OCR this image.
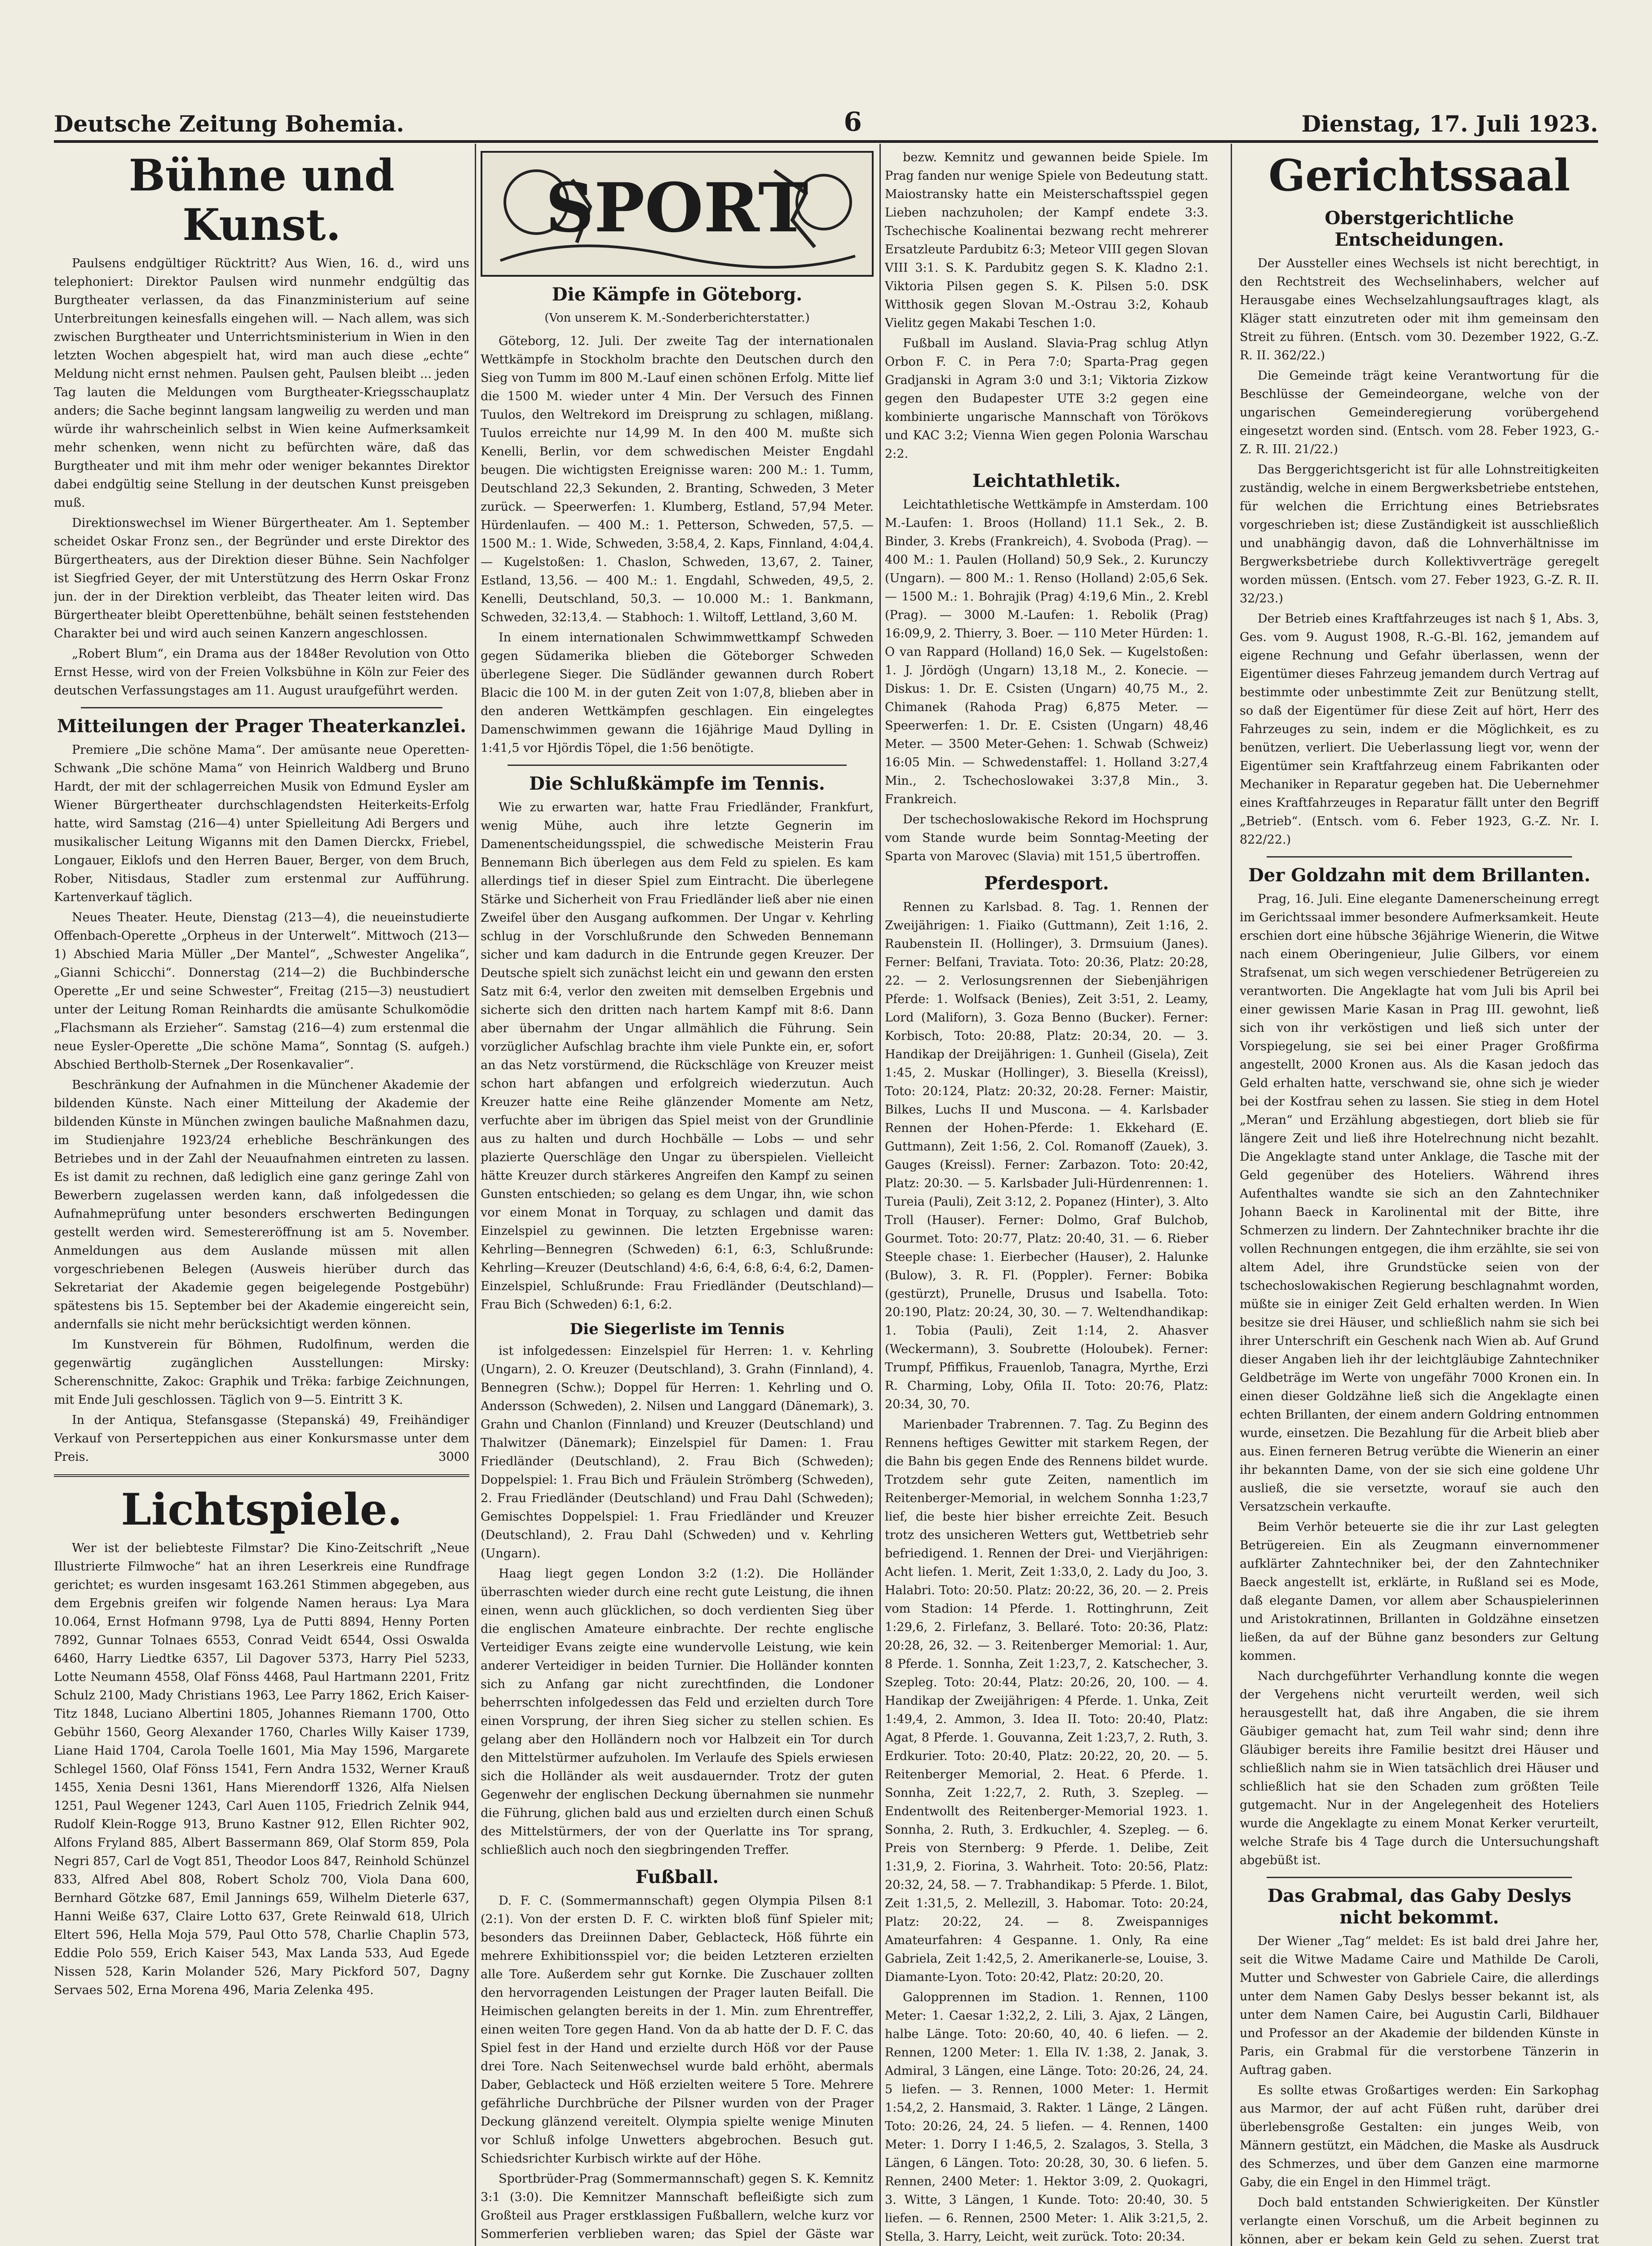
Deutsche Zeitung Bohemia.	6	Dienstag, 17. Juli 1923.
Bühne und Kunst.

Paulsens endgültiger Rücktritt? Aus Wien, 16. d., wird uns telephoniert: Direktor Paulsen wird nunmehr endgültig das Burgtheater verlassen, da das Finanzministerium auf seine Unterbreitungen keinesfalls eingehen will. — Nach allem, was sich zwischen Burgtheater und Unterrichtsministerium in Wien in den letzten Wochen abgespielt hat, wird man auch diese „echte“ Meldung nicht ernst nehmen. Paulsen geht, Paulsen bleibt ... jeden Tag lauten die Meldungen vom Burgtheater-Kriegsschauplatz anders; die Sache beginnt langsam langweilig zu werden und man würde ihr wahrscheinlich selbst in Wien keine Aufmerksamkeit mehr schenken, wenn nicht zu befürchten wäre, daß das Burgtheater und mit ihm mehr oder weniger bekanntes Direktor dabei endgültig seine Stellung in der deutschen Kunst preisgeben muß.

Direktionswechsel im Wiener Bürgertheater. Am 1. September scheidet Oskar Fronz sen., der Begründer und erste Direktor des Bürgertheaters, aus der Direktion dieser Bühne. Sein Nachfolger ist Siegfried Geyer, der mit Unterstützung des Herrn Oskar Fronz jun. der in der Direktion verbleibt, das Theater leiten wird. Das Bürgertheater bleibt Operettenbühne, behält seinen feststehenden Charakter bei und wird auch seinen Kanzern angeschlossen.

„Robert Blum“, ein Drama aus der 1848er Revolution von Otto Ernst Hesse, wird von der Freien Volksbühne in Köln zur Feier des deutschen Verfassungstages am 11. August uraufgeführt werden.

Mitteilungen der Prager Theaterkanzlei.

Premiere „Die schöne Mama“. Der amüsante neue Operetten-Schwank „Die schöne Mama“ von Heinrich Waldberg und Bruno Hardt, der mit der schlagerreichen Musik von Edmund Eysler am Wiener Bürgertheater durchschlagendsten Heiterkeits-Erfolg hatte, wird Samstag (216—4) unter Spielleitung Adi Bergers und musikalischer Leitung Wiganns mit den Damen Dierckx, Friebel, Longauer, Eiklofs und den Herren Bauer, Berger, von dem Bruch, Rober, Nitisdaus, Stadler zum erstenmal zur Aufführung. Kartenverkauf täglich.

Neues Theater. Heute, Dienstag (213—4), die neueinstudierte Offenbach-Operette „Orpheus in der Unterwelt“. Mittwoch (213—1) Abschied Maria Müller „Der Mantel“, „Schwester Angelika“, „Gianni Schicchi“. Donnerstag (214—2) die Buchbindersche Operette „Er und seine Schwester“, Freitag (215—3) neustudiert unter der Leitung Roman Reinhardts die amüsante Schulkomödie „Flachsmann als Erzieher“. Samstag (216—4) zum erstenmal die neue Eysler-Operette „Die schöne Mama“, Sonntag (S. aufgeh.) Abschied Bertholb-Sternek „Der Rosenkavalier“.

Beschränkung der Aufnahmen in die Münchener Akademie der bildenden Künste. Nach einer Mitteilung der Akademie der bildenden Künste in München zwingen bauliche Maßnahmen dazu, im Studienjahre 1923/24 erhebliche Beschränkungen des Betriebes und in der Zahl der Neuaufnahmen eintreten zu lassen. Es ist damit zu rechnen, daß lediglich eine ganz geringe Zahl von Bewerbern zugelassen werden kann, daß infolgedessen die Aufnahmeprüfung unter besonders erschwerten Bedingungen gestellt werden wird. Semestereröffnung ist am 5. November. Anmeldungen aus dem Auslande müssen mit allen vorgeschriebenen Belegen (Ausweis hierüber durch das Sekretariat der Akademie gegen beigelegende Postgebühr) spätestens bis 15. September bei der Akademie eingereicht sein, andernfalls sie nicht mehr berücksichtigt werden können.

Im Kunstverein für Böhmen, Rudolfinum, werden die gegenwärtig zugänglichen Ausstellungen: Mirsky: Scherenschnitte, Zakoc: Graphik und Trëka: farbige Zeichnungen, mit Ende Juli geschlossen. Täglich von 9—5. Eintritt 3 K.

In der Antiqua, Stefansgasse (Stepanská) 49, Freihändiger Verkauf von Perserteppichen aus einer Konkursmasse unter dem Preis.	3000

Lichtspiele.

Wer ist der beliebteste Filmstar? Die Kino-Zeitschrift „Neue Illustrierte Filmwoche“ hat an ihren Leserkreis eine Rundfrage gerichtet; es wurden insgesamt 163.261 Stimmen abgegeben, aus dem Ergebnis greifen wir folgende Namen heraus: Lya Mara 10.064, Ernst Hofmann 9798, Lya de Putti 8894, Henny Porten 7892, Gunnar Tolnaes 6553, Conrad Veidt 6544, Ossi Oswalda 6460, Harry Liedtke 6357, Lil Dagover 5373, Harry Piel 5233, Lotte Neumann 4558, Olaf Fönss 4468, Paul Hartmann 2201, Fritz Schulz 2100, Mady Christians 1963, Lee Parry 1862, Erich Kaiser-Titz 1848, Luciano Albertini 1805, Johannes Riemann 1700, Otto Gebühr 1560, Georg Alexander 1760, Charles Willy Kaiser 1739, Liane Haid 1704, Carola Toelle 1601, Mia May 1596, Margarete Schlegel 1560, Olaf Fönss 1541, Fern Andra 1532, Werner Krauß 1455, Xenia Desni 1361, Hans Mierendorff 1326, Alfa Nielsen 1251, Paul Wegener 1243, Carl Auen 1105, Friedrich Zelnik 944, Rudolf Klein-Rogge 913, Bruno Kastner 912, Ellen Richter 902, Alfons Fryland 885, Albert Bassermann 869, Olaf Storm 859, Pola Negri 857, Carl de Vogt 851, Theodor Loos 847, Reinhold Schünzel 833, Alfred Abel 808, Robert Scholz 700, Viola Dana 600, Bernhard Götzke 687, Emil Jannings 659, Wilhelm Dieterle 637, Hanni Weiße 637, Claire Lotto 637, Grete Reinwald 618, Ulrich Eltert 596, Hella Moja 579, Paul Otto 578, Charlie Chaplin 573, Eddie Polo 559, Erich Kaiser 543, Max Landa 533, Aud Egede Nissen 528, Karin Molander 526, Mary Pickford 507, Dagny Servaes 502, Erna Morena 496, Maria Zelenka 495.

SPORT
Die Kämpfe in Göteborg.
(Von unserem K. M.-Sonderberichterstatter.)

Göteborg, 12. Juli. Der zweite Tag der internationalen Wettkämpfe in Stockholm brachte den Deutschen durch den Sieg von Tumm im 800 M.-Lauf einen schönen Erfolg. Mitte lief die 1500 M. wieder unter 4 Min. Der Versuch des Finnen Tuulos, den Weltrekord im Dreisprung zu schlagen, mißlang. Tuulos erreichte nur 14,99 M. In den 400 M. mußte sich Kenelli, Berlin, vor dem schwedischen Meister Engdahl beugen. Die wichtigsten Ereignisse waren: 200 M.: 1. Tumm, Deutschland 22,3 Sekunden, 2. Branting, Schweden, 3 Meter zurück. — Speerwerfen: 1. Klumberg, Estland, 57,94 Meter. Hürdenlaufen. — 400 M.: 1. Petterson, Schweden, 57,5. — 1500 M.: 1. Wide, Schweden, 3:58,4, 2. Kaps, Finnland, 4:04,4. — Kugelstoßen: 1. Chaslon, Schweden, 13,67, 2. Tainer, Estland, 13,56. — 400 M.: 1. Engdahl, Schweden, 49,5, 2. Kenelli, Deutschland, 50,3. — 10.000 M.: 1. Bankmann, Schweden, 32:13,4. — Stabhoch: 1. Wiltoff, Lettland, 3,60 M.

In einem internationalen Schwimmwettkampf Schweden gegen Südamerika blieben die Göteborger Schweden überlegene Sieger. Die Südländer gewannen durch Robert Blacic die 100 M. in der guten Zeit von 1:07,8, blieben aber in den anderen Wettkämpfen geschlagen. Ein eingelegtes Damenschwimmen gewann die 16jährige Maud Dylling in 1:41,5 vor Hjördis Töpel, die 1:56 benötigte.

Die Schlußkämpfe im Tennis.

Wie zu erwarten war, hatte Frau Friedländer, Frankfurt, wenig Mühe, auch ihre letzte Gegnerin im Damenentscheidungsspiel, die schwedische Meisterin Frau Bennemann Bich überlegen aus dem Feld zu spielen. Es kam allerdings tief in dieser Spiel zum Eintracht. Die überlegene Stärke und Sicherheit von Frau Friedländer ließ aber nie einen Zweifel über den Ausgang aufkommen. Der Ungar v. Kehrling schlug in der Vorschlußrunde den Schweden Bennemann sicher und kam dadurch in die Entrunde gegen Kreuzer. Der Deutsche spielt sich zunächst leicht ein und gewann den ersten Satz mit 6:4, verlor den zweiten mit demselben Ergebnis und sicherte sich den dritten nach hartem Kampf mit 8:6. Dann aber übernahm der Ungar allmählich die Führung. Sein vorzüglicher Aufschlag brachte ihm viele Punkte ein, er, sofort an das Netz vorstürmend, die Rückschläge von Kreuzer meist schon hart abfangen und erfolgreich wiederzutun. Auch Kreuzer hatte eine Reihe glänzender Momente am Netz, verfuchte aber im übrigen das Spiel meist von der Grundlinie aus zu halten und durch Hochbälle — Lobs — und sehr plazierte Querschläge den Ungar zu überspielen. Vielleicht hätte Kreuzer durch stärkeres Angreifen den Kampf zu seinen Gunsten entschieden; so gelang es dem Ungar, ihn, wie schon vor einem Monat in Torquay, zu schlagen und damit das Einzelspiel zu gewinnen. Die letzten Ergebnisse waren: Kehrling—Bennegren (Schweden) 6:1, 6:3, Schlußrunde: Kehrling—Kreuzer (Deutschland) 4:6, 6:4, 6:8, 6:4, 6:2, Damen-Einzelspiel, Schlußrunde: Frau Friedländer (Deutschland)—Frau Bich (Schweden) 6:1, 6:2.

Die Siegerliste im Tennis

ist infolgedessen: Einzelspiel für Herren: 1. v. Kehrling (Ungarn), 2. O. Kreuzer (Deutschland), 3. Grahn (Finnland), 4. Bennegren (Schw.); Doppel für Herren: 1. Kehrling und O. Andersson (Schweden), 2. Nilsen und Langgard (Dänemark), 3. Grahn und Chanlon (Finnland) und Kreuzer (Deutschland) und Thalwitzer (Dänemark); Einzelspiel für Damen: 1. Frau Friedländer (Deutschland), 2. Frau Bich (Schweden); Doppelspiel: 1. Frau Bich und Fräulein Strömberg (Schweden), 2. Frau Friedländer (Deutschland) und Frau Dahl (Schweden); Gemischtes Doppelspiel: 1. Frau Friedländer und Kreuzer (Deutschland), 2. Frau Dahl (Schweden) und v. Kehrling (Ungarn).

Haag liegt gegen London 3:2 (1:2). Die Holländer überraschten wieder durch eine recht gute Leistung, die ihnen einen, wenn auch glücklichen, so doch verdienten Sieg über die englischen Amateure einbrachte. Der rechte englische Verteidiger Evans zeigte eine wundervolle Leistung, wie kein anderer Verteidiger in beiden Turnier. Die Holländer konnten sich zu Anfang gar nicht zurechtfinden, die Londoner beherrschten infolgedessen das Feld und erzielten durch Tore einen Vorsprung, der ihren Sieg sicher zu stellen schien. Es gelang aber den Holländern noch vor Halbzeit ein Tor durch den Mittelstürmer aufzuholen. Im Verlaufe des Spiels erwiesen sich die Holländer als weit ausdauernder. Trotz der guten Gegenwehr der englischen Deckung übernahmen sie nunmehr die Führung, glichen bald aus und erzielten durch einen Schuß des Mittelstürmers, der von der Querlatte ins Tor sprang, schließlich auch noch den siegbringenden Treffer.

Fußball.

D. F. C. (Sommermannschaft) gegen Olympia Pilsen 8:1 (2:1). Von der ersten D. F. C. wirkten bloß fünf Spieler mit; besonders das Dreiinnen Daber, Geblacteck, Höß führte ein mehrere Exhibitionsspiel vor; die beiden Letzteren erzielten alle Tore. Außerdem sehr gut Kornke. Die Zuschauer zollten den hervorragenden Leistungen der Prager lauten Beifall. Die Heimischen gelangten bereits in der 1. Min. zum Ehrentreffer, einen weiten Tore gegen Hand. Von da ab hatte der D. F. C. das Spiel fest in der Hand und erzielte durch Höß vor der Pause drei Tore. Nach Seitenwechsel wurde bald erhöht, abermals Daber, Geblacteck und Höß erzielten weitere 5 Tore. Mehrere gefährliche Durchbrüche der Pilsner wurden von der Prager Deckung glänzend vereitelt. Olympia spielte wenige Minuten vor Schluß infolge Unwetters abgebrochen. Besuch gut. Schiedsrichter Kurbisch wirkte auf der Höhe.

Sportbrüder-Prag (Sommermannschaft) gegen S. K. Kemnitz 3:1 (3:0). Die Kemnitzer Mannschaft befleißigte sich zum Großteil aus Prager erstklassigen Fußballern, welche kurz vor Sommerferien verblieben waren; das Spiel der Gäste war

bezw. Kemnitz und gewannen beide Spiele. Im Prag fanden nur wenige Spiele von Bedeutung statt. Maiostransky hatte ein Meisterschaftsspiel gegen Lieben nachzuholen; der Kampf endete 3:3. Tschechische Koalinentai bezwang recht mehrerer Ersatzleute Pardubitz 6:3; Meteor VIII gegen Slovan VIII 3:1. S. K. Pardubitz gegen S. K. Kladno 2:1. Viktoria Pilsen gegen S. K. Pilsen 5:0. DSK Witthosik gegen Slovan M.-Ostrau 3:2, Kohaub Vielitz gegen Makabi Teschen 1:0.

Fußball im Ausland. Slavia-Prag schlug Atlyn Orbon F. C. in Pera 7:0; Sparta-Prag gegen Gradjanski in Agram 3:0 und 3:1; Viktoria Zizkow gegen den Budapester UTE 3:2 gegen eine kombinierte ungarische Mannschaft von Törökovs und KAC 3:2; Vienna Wien gegen Polonia Warschau 2:2.

Leichtathletik.

Leichtathletische Wettkämpfe in Amsterdam. 100 M.-Laufen: 1. Broos (Holland) 11.1 Sek., 2. B. Binder, 3. Krebs (Frankreich), 4. Svoboda (Prag). — 400 M.: 1. Paulen (Holland) 50,9 Sek., 2. Kurunczy (Ungarn). — 800 M.: 1. Renso (Holland) 2:05,6 Sek. — 1500 M.: 1. Bohrajik (Prag) 4:19,6 Min., 2. Krebl (Prag). — 3000 M.-Laufen: 1. Rebolik (Prag) 16:09,9, 2. Thierry, 3. Boer. — 110 Meter Hürden: 1. O van Rappard (Holland) 16,0 Sek. — Kugelstoßen: 1. J. Jördögh (Ungarn) 13,18 M., 2. Konecie. — Diskus: 1. Dr. E. Csisten (Ungarn) 40,75 M., 2. Chimanek (Rahoda Prag) 6,875 Meter. — Speerwerfen: 1. Dr. E. Csisten (Ungarn) 48,46 Meter. — 3500 Meter-Gehen: 1. Schwab (Schweiz) 16:05 Min. — Schwedenstaffel: 1. Holland 3:27,4 Min., 2. Tschechoslowakei 3:37,8 Min., 3. Frankreich.

Der tschechoslowakische Rekord im Hochsprung vom Stande wurde beim Sonntag-Meeting der Sparta von Marovec (Slavia) mit 151,5 übertroffen.

Pferdesport.

Rennen zu Karlsbad. 8. Tag. 1. Rennen der Zweijährigen: 1. Fiaiko (Guttmann), Zeit 1:16, 2. Raubenstein II. (Hollinger), 3. Drmsuium (Janes). Ferner: Belfani, Traviata. Toto: 20:36, Platz: 20:28, 22. — 2. Verlosungsrennen der Siebenjährigen Pferde: 1. Wolfsack (Benies), Zeit 3:51, 2. Leamy, Lord (Maliforn), 3. Goza Benno (Bucker). Ferner: Korbisch, Toto: 20:88, Platz: 20:34, 20. — 3. Handikap der Dreijährigen: 1. Gunheil (Gisela), Zeit 1:45, 2. Muskar (Hollinger), 3. Biesella (Kreissl), Toto: 20:124, Platz: 20:32, 20:28. Ferner: Maistir, Bilkes, Luchs II und Muscona. — 4. Karlsbader Rennen der Hohen-Pferde: 1. Ekkehard (E. Guttmann), Zeit 1:56, 2. Col. Romanoff (Zauek), 3. Gauges (Kreissl). Ferner: Zarbazon. Toto: 20:42, Platz: 20:30. — 5. Karlsbader Juli-Hürdenrennen: 1. Tureia (Pauli), Zeit 3:12, 2. Popanez (Hinter), 3. Alto Troll (Hauser). Ferner: Dolmo, Graf Bulchob, Gourmet. Toto: 20:77, Platz: 20:40, 31. — 6. Rieber Steeple chase: 1. Eierbecher (Hauser), 2. Halunke (Bulow), 3. R. Fl. (Poppler). Ferner: Bobika (gestürzt), Prunelle, Drusus und Isabella. Toto: 20:190, Platz: 20:24, 30, 30. — 7. Weltendhandikap: 1. Tobia (Pauli), Zeit 1:14, 2. Ahasver (Weckermann), 3. Soubrette (Holoubek). Ferner: Trumpf, Pfiffikus, Frauenlob, Tanagra, Myrthe, Erzi R. Charming, Loby, Ofila II. Toto: 20:76, Platz: 20:34, 30, 70.

Marienbader Trabrennen. 7. Tag. Zu Beginn des Rennens heftiges Gewitter mit starkem Regen, der die Bahn bis gegen Ende des Rennens bildet wurde. Trotzdem sehr gute Zeiten, namentlich im Reitenberger-Memorial, in welchem Sonnha 1:23,7 lief, die beste hier bisher erreichte Zeit. Besuch trotz des unsicheren Wetters gut, Wettbetrieb sehr befriedigend. 1. Rennen der Drei- und Vierjährigen: Acht liefen. 1. Merit, Zeit 1:33,0, 2. Lady du Joo, 3. Halabri. Toto: 20:50. Platz: 20:22, 36, 20. — 2. Preis vom Stadion: 14 Pferde. 1. Rottinghrunn, Zeit 1:29,6, 2. Firlefanz, 3. Bellaré. Toto: 20:36, Platz: 20:28, 26, 32. — 3. Reitenberger Memorial: 1. Aur, 8 Pferde. 1. Sonnha, Zeit 1:23,7, 2. Katschecher, 3. Szepleg. Toto: 20:44, Platz: 20:26, 20, 100. — 4. Handikap der Zweijährigen: 4 Pferde. 1. Unka, Zeit 1:49,4, 2. Ammon, 3. Idea II. Toto: 20:40, Platz: Agat, 8 Pferde. 1. Gouvanna, Zeit 1:23,7, 2. Ruth, 3. Erdkurier. Toto: 20:40, Platz: 20:22, 20, 20. — 5. Reitenberger Memorial, 2. Heat. 6 Pferde. 1. Sonnha, Zeit 1:22,7, 2. Ruth, 3. Szepleg. — Endentwollt des Reitenberger-Memorial 1923. 1. Sonnha, 2. Ruth, 3. Erdkuchler, 4. Szepleg. — 6. Preis von Sternberg: 9 Pferde. 1. Delibe, Zeit 1:31,9, 2. Fiorina, 3. Wahrheit. Toto: 20:56, Platz: 20:32, 24, 58. — 7. Trabhandikap: 5 Pferde. 1. Bilot, Zeit 1:31,5, 2. Mellezill, 3. Habomar. Toto: 20:24, Platz: 20:22, 24. — 8. Zweispanniges Amateurfahren: 4 Gespanne. 1. Only, Ra eine Gabriela, Zeit 1:42,5, 2. Amerikanerle-se, Louise, 3. Diamante-Lyon. Toto: 20:42, Platz: 20:20, 20.

Galopprennen im Stadion. 1. Rennen, 1100 Meter: 1. Caesar 1:32,2, 2. Lili, 3. Ajax, 2 Längen, halbe Länge. Toto: 20:60, 40, 40. 6 liefen. — 2. Rennen, 1200 Meter: 1. Ella IV. 1:38, 2. Janak, 3. Admiral, 3 Längen, eine Länge. Toto: 20:26, 24, 24. 5 liefen. — 3. Rennen, 1000 Meter: 1. Hermit 1:54,2, 2. Hansmaid, 3. Rakter. 1 Länge, 2 Längen. Toto: 20:26, 24, 24. 5 liefen. — 4. Rennen, 1400 Meter: 1. Dorry I 1:46,5, 2. Szalagos, 3. Stella, 3 Längen, 6 Längen. Toto: 20:28, 30, 30. 6 liefen. 5. Rennen, 2400 Meter: 1. Hektor 3:09, 2. Quokagri, 3. Witte, 3 Längen, 1 Kunde. Toto: 20:40, 30. 5 liefen. — 6. Rennen, 2500 Meter: 1. Alik 3:21,5, 2. Stella, 3. Harry, Leicht, weit zurück. Toto: 20:34.

Gerichtssaal
Oberstgerichtliche Entscheidungen.

Der Aussteller eines Wechsels ist nicht berechtigt, in den Rechtstreit des Wechselinhabers, welcher auf Herausgabe eines Wechselzahlungsauftrages klagt, als Kläger statt einzutreten oder mit ihm gemeinsam den Streit zu führen. (Entsch. vom 30. Dezember 1922, G.-Z. R. II. 362/22.)

Die Gemeinde trägt keine Verantwortung für die Beschlüsse der Gemeindeorgane, welche von der ungarischen Gemeinderegierung vorübergehend eingesetzt worden sind. (Entsch. vom 28. Feber 1923, G.-Z. R. III. 21/22.)

Das Berggerichtsgericht ist für alle Lohnstreitigkeiten zuständig, welche in einem Bergwerksbetriebe entstehen, für welchen die Errichtung eines Betriebsrates vorgeschrieben ist; diese Zuständigkeit ist ausschließlich und unabhängig davon, daß die Lohnverhältnisse im Bergwerksbetriebe durch Kollektivverträge geregelt worden müssen. (Entsch. vom 27. Feber 1923, G.-Z. R. II. 32/23.)

Der Betrieb eines Kraftfahrzeuges ist nach § 1, Abs. 3, Ges. vom 9. August 1908, R.-G.-Bl. 162, jemandem auf eigene Rechnung und Gefahr überlassen, wenn der Eigentümer dieses Fahrzeug jemandem durch Vertrag auf bestimmte oder unbestimmte Zeit zur Benützung stellt, so daß der Eigentümer für diese Zeit auf hört, Herr des Fahrzeuges zu sein, indem er die Möglichkeit, es zu benützen, verliert. Die Ueberlassung liegt vor, wenn der Eigentümer sein Kraftfahrzeug einem Fabrikanten oder Mechaniker in Reparatur gegeben hat. Die Uebernehmer eines Kraftfahrzeuges in Reparatur fällt unter den Begriff „Betrieb“. (Entsch. vom 6. Feber 1923, G.-Z. Nr. I. 822/22.)

Der Goldzahn mit dem Brillanten.

Prag, 16. Juli. Eine elegante Damenerscheinung erregt im Gerichtssaal immer besondere Aufmerksamkeit. Heute erschien dort eine hübsche 36jährige Wienerin, die Witwe nach einem Oberingenieur, Julie Gilbers, vor einem Strafsenat, um sich wegen verschiedener Betrügereien zu verantworten. Die Angeklagte hat vom Juli bis April bei einer gewissen Marie Kasan in Prag III. gewohnt, ließ sich von ihr verköstigen und ließ sich unter der Vorspiegelung, sie sei bei einer Prager Großfirma angestellt, 2000 Kronen aus. Als die Kasan jedoch das Geld erhalten hatte, verschwand sie, ohne sich je wieder bei der Kostfrau sehen zu lassen. Sie stieg in dem Hotel „Meran“ und Erzählung abgestiegen, dort blieb sie für längere Zeit und ließ ihre Hotelrechnung nicht bezahlt. Die Angeklagte stand unter Anklage, die Tasche mit der Geld gegenüber des Hoteliers. Während ihres Aufenthaltes wandte sie sich an den Zahntechniker Johann Baeck in Karolinental mit der Bitte, ihre Schmerzen zu lindern. Der Zahntechniker brachte ihr die vollen Rechnungen entgegen, die ihm erzählte, sie sei von altem Adel, ihre Grundstücke seien von der tschechoslowakischen Regierung beschlagnahmt worden, müßte sie in einiger Zeit Geld erhalten werden. In Wien besitze sie drei Häuser, und schließlich nahm sie sich bei ihrer Unterschrift ein Geschenk nach Wien ab. Auf Grund dieser Angaben lieh ihr der leichtgläubige Zahntechniker Geldbeträge im Werte von ungefähr 7000 Kronen ein. In einen dieser Goldzähne ließ sich die Angeklagte einen echten Brillanten, der einem andern Goldring entnommen wurde, einsetzen. Die Bezahlung für die Arbeit blieb aber aus. Einen ferneren Betrug verübte die Wienerin an einer ihr bekannten Dame, von der sie sich eine goldene Uhr ausließ, die sie versetzte, worauf sie auch den Versatzschein verkaufte.

Beim Verhör beteuerte sie die ihr zur Last gelegten Betrügereien. Ein als Zeugmann einvernommener aufklärter Zahntechniker bei, der den Zahntechniker Baeck angestellt ist, erklärte, in Rußland sei es Mode, daß elegante Damen, vor allem aber Schauspielerinnen und Aristokratinnen, Brillanten in Goldzähne einsetzen ließen, da auf der Bühne ganz besonders zur Geltung kommen.

Nach durchgeführter Verhandlung konnte die wegen der Vergehens nicht verurteilt werden, weil sich herausgestellt hat, daß ihre Angaben, die sie ihrem Gäubiger gemacht hat, zum Teil wahr sind; denn ihre Gläubiger bereits ihre Familie besitzt drei Häuser und schließlich nahm sie in Wien tatsächlich drei Häuser und schließlich hat sie den Schaden zum größten Teile gutgemacht. Nur in der Angelegenheit des Hoteliers wurde die Angeklagte zu einem Monat Kerker verurteilt, welche Strafe bis 4 Tage durch die Untersuchungshaft abgebüßt ist.

Das Grabmal, das Gaby Deslys nicht bekommt.

Der Wiener „Tag“ meldet: Es ist bald drei Jahre her, seit die Witwe Madame Caire und Mathilde De Caroli, Mutter und Schwester von Gabriele Caire, die allerdings unter dem Namen Gaby Deslys besser bekannt ist, als unter dem Namen Caire, bei Augustin Carli, Bildhauer und Professor an der Akademie der bildenden Künste in Paris, ein Grabmal für die verstorbene Tänzerin in Auftrag gaben.

Es sollte etwas Großartiges werden: Ein Sarkophag aus Marmor, der auf acht Füßen ruht, darüber drei überlebensgroße Gestalten: ein junges Weib, von Männern gestützt, ein Mädchen, die Maske als Ausdruck des Schmerzes, und über dem Ganzen eine marmorne Gaby, die ein Engel in den Himmel trägt.

Doch bald entstanden Schwierigkeiten. Der Künstler verlangte einen Vorschuß, um die Arbeit beginnen zu können, aber er bekam kein Geld zu sehen. Zuerst trat
